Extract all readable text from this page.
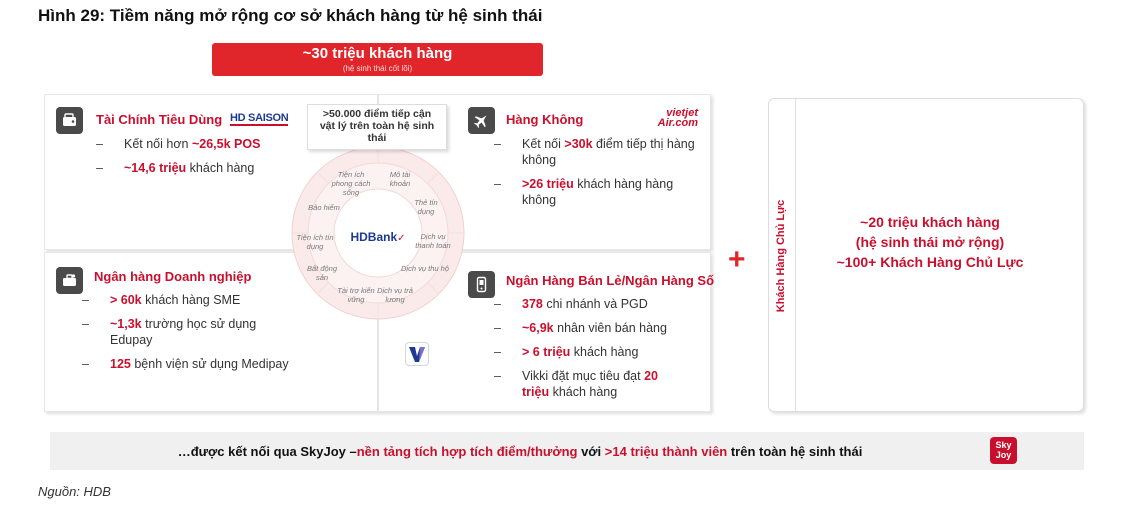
Hình 29: Tiềm năng mở rộng cơ sở khách hàng từ hệ sinh thái
~30 triệu khách hàng
(hệ sinh thái cốt lõi)
HDBank✓
Tiện ích phong cách sống
Mô tài khoản
Thẻ tín dụng
Dịch vụ thanh toán
Dịch vụ thu hộ
Dịch vụ trả lương
Tài trợ kiến vững
Bất động sản
Tiện ích tín dụng
Bảo hiểm
>50.000 điểm tiếp cận vật lý trên toàn hệ sinh thái
Tài Chính Tiêu Dùng HD SAISON
– Kết nối hơn ~26,5k POS
– ~14,6 triệu khách hàng
Hàng Không	vietjet Air.com
– Kết nối >30k điểm tiếp thị hàng không
– >26 triệu khách hàng hàng không
Ngân hàng Doanh nghiệp
– > 60k khách hàng SME
– ~1,3k trường học sử dụng Edupay
– 125 bệnh viện sử dụng Medipay
Ngân Hàng Bán Lẻ/Ngân Hàng Số
– 378 chi nhánh và PGD
– ~6,9k nhân viên bán hàng
– > 6 triệu khách hàng
– Vikki đặt mục tiêu đạt 20 triệu khách hàng
+	Khách Hàng Chủ Lực	~20 triệu khách hàng
(hệ sinh thái mở rộng)
~100+ Khách Hàng Chủ Lực
…được kết nối qua SkyJoy – nền tảng tích hợp tích điểm/thưởng với >14 triệu thành viên trên toàn hệ sinh thái	Sky Joy
Nguồn: HDB
